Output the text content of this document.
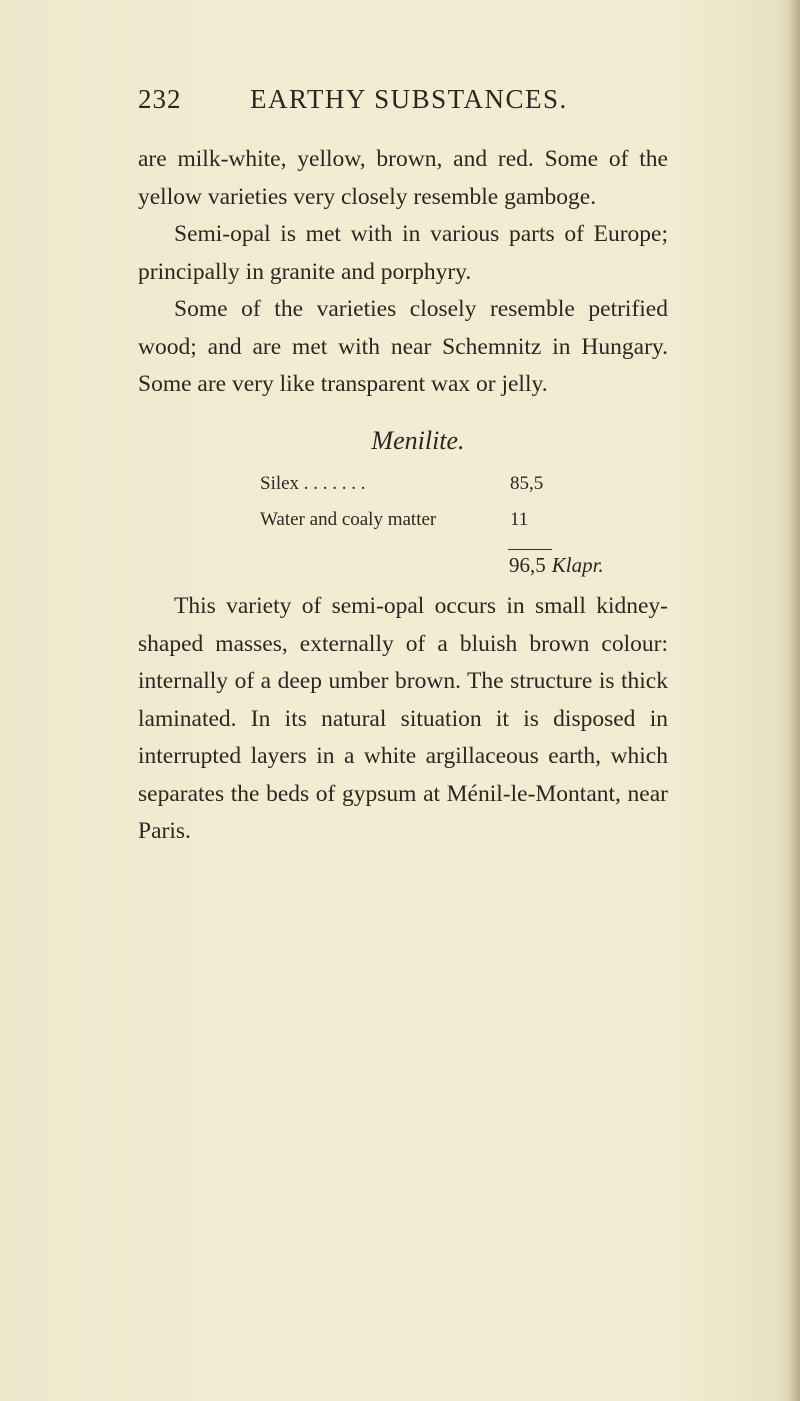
232	EARTHY SUBSTANCES.

are milk-white, yellow, brown, and red. Some of the yellow varieties very closely resemble gamboge.

Semi-opal is met with in various parts of Europe; principally in granite and porphyry.

Some of the varieties closely resemble petrified wood; and are met with near Schemnitz in Hungary. Some are very like transparent wax or jelly.

Menilite.
Silex . . . . . . .	85,5
Water and coaly matter	11
96,5 Klapr.

This variety of semi-opal occurs in small kidney-shaped masses, externally of a bluish brown colour: internally of a deep umber brown. The structure is thick laminated. In its natural situation it is disposed in interrupted layers in a white argillaceous earth, which separates the beds of gypsum at Ménil-le-Montant, near Paris.
